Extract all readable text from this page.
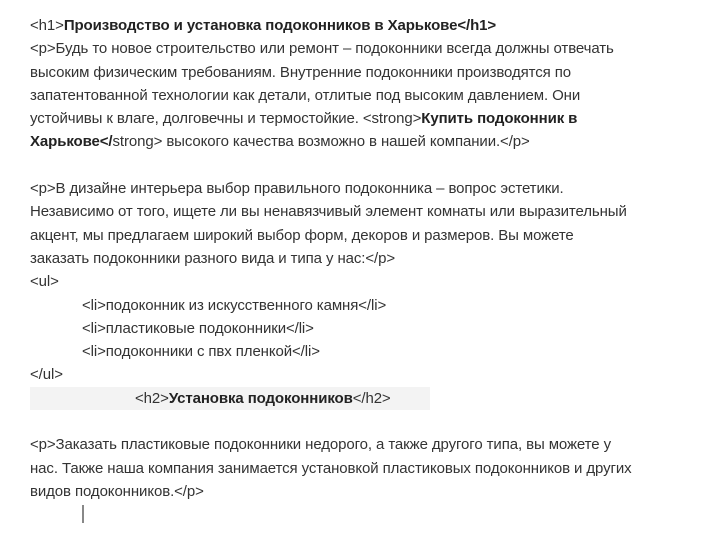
<h1>Производство и установка подоконников в Харькове</h1>
<p>Будь то новое строительство или ремонт – подоконники всегда должны отвечать
высоким физическим требованиям. Внутренние подоконники производятся по
запатентованной технологии как детали, отлитые под высоким давлением. Они
устойчивы к влаге, долговечны и термостойкие. <strong>Купить подоконник в
Харькове</strong> высокого качества возможно в нашей компании.</p>
<p>В дизайне интерьера выбор правильного подоконника – вопрос эстетики.
Независимо от того, ищете ли вы ненавязчивый элемент комнаты или выразительный
акцент, мы предлагаем широкий выбор форм, декоров и размеров. Вы можете
заказать подоконники разного вида и типа у нас:</p>
<ul>
<li>подоконник из искусственного камня</li>
<li>пластиковые подоконники</li>
<li>подоконники с пвх пленкой</li>
</ul>
<h2>Установка подоконников</h2>
<p>Заказать пластиковые подоконники недорого, а также другого типа, вы можете у
нас. Также наша компания занимается установкой пластиковых подоконников и других
видов подоконников.</p>
